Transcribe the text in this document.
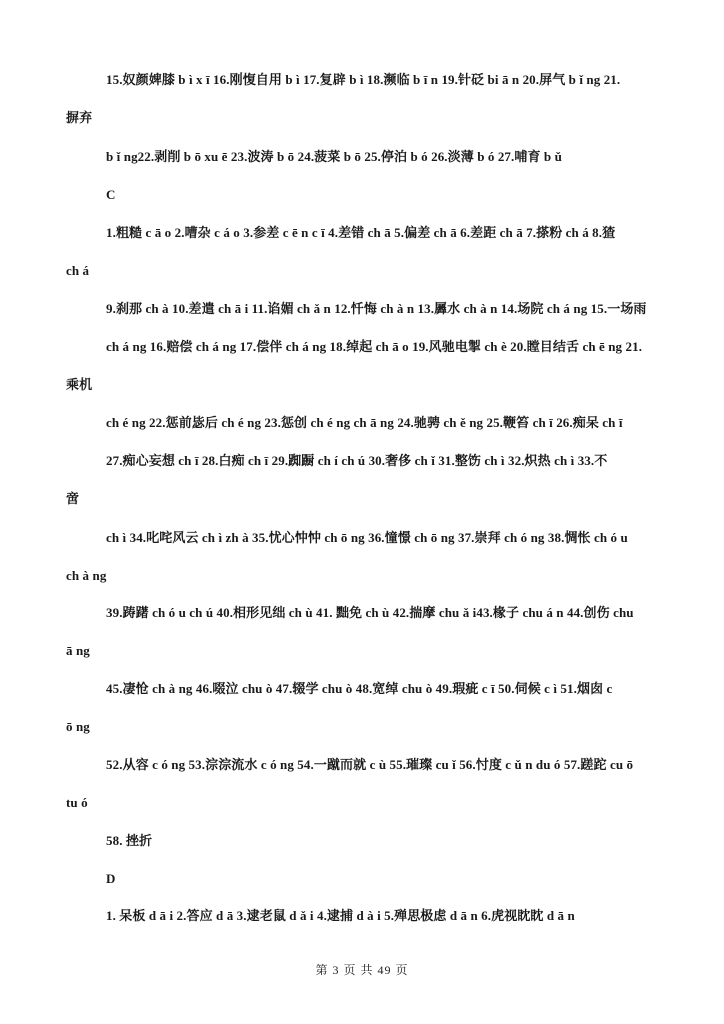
15.奴颜婢膝 b ì x ī 16.刚愎自用 b ì 17.复辟 b ì 18.濒临 b ī n 19.针砭 bi ā n 20.屏气 b ǐ ng 21.
摒弃
b ǐ ng22.剥削 b ō xu ē 23.波涛 b ō 24.菠菜 b ō 25.停泊 b ó 26.淡薄 b ó 27.哺育 b ǔ
C
1.粗糙 c ā o 2.嘈杂 c á o 3.参差 c ē n c ī 4.差错 ch ā 5.偏差 ch ā 6.差距 ch ā 7.搽粉 ch á 8.猹
ch á
9.刹那 ch à 10.差遣 ch ā i 11.谄媚 ch ǎ n 12.忏悔 ch à n 13.羼水 ch à n 14.场院 ch á ng 15.一场雨
ch á ng 16.赔偿 ch á ng 17.偿伴 ch á ng 18.绰起 ch ā o 19.风驰电掣 ch è 20.瞠目结舌 ch ē ng 21.
乘机
ch é ng 22.惩前毖后 ch é ng 23.惩创 ch é ng ch ā ng 24.驰骋 ch ě ng 25.鞭笞 ch ī 26.痴呆 ch ī
27.痴心妄想 ch ī 28.白痴 ch ī 29.踟蹰 ch í ch ú 30.奢侈 ch ǐ 31.整饬 ch ì 32.炽热 ch ì 33.不
啻
ch ì 34.叱咤风云 ch ì zh à 35.忧心忡忡 ch ō ng 36.憧憬 ch ō ng 37.崇拜 ch ó ng 38.惆怅 ch ó u
ch à ng
39.踌躇 ch ó u ch ú 40.相形见绌 ch ù 41. 黜免 ch ù 42.揣摩 chu ǎ i43.椽子 chu á n 44.创伤 chu
ā ng
45.凄怆 ch à ng 46.啜泣 chu ò 47.辍学 chu ò 48.宽绰 chu ò 49.瑕疵 c ī 50.伺候 c ì 51.烟囱 c
ō ng
52.从容 c ó ng 53.淙淙流水 c ó ng 54.一蹴而就 c ù 55.璀璨 cu ǐ 56.忖度 c ǔ n du ó 57.蹉跎 cu ō
tu ó
58. 挫折
D
1. 呆板 d ā i 2.答应 d ā 3.逮老鼠 d ǎ i 4.逮捕 d à i 5.殚思极虑 d ā n 6.虎视眈眈 d ā n
第 3 页 共 49 页
